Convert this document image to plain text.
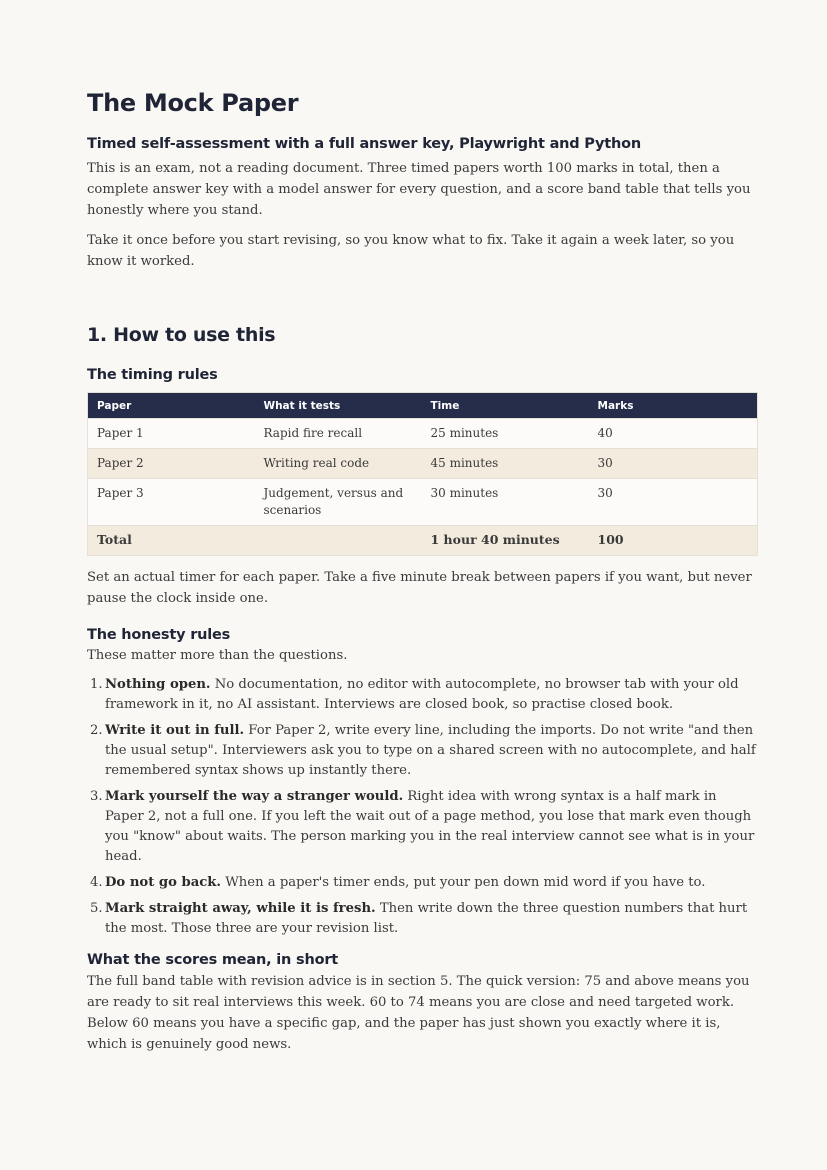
The Mock Paper
Timed self-assessment with a full answer key, Playwright and Python

This is an exam, not a reading document. Three timed papers worth 100 marks in total, then a complete answer key with a model answer for every question, and a score band table that tells you honestly where you stand.

Take it once before you start revising, so you know what to fix. Take it again a week later, so you know it worked.

1. How to use this
The timing rules
Paper	What it tests	Time	Marks
Paper 1	Rapid fire recall	25 minutes	40
Paper 2	Writing real code	45 minutes	30
Paper 3	Judgement, versus and scenarios	30 minutes	30
Total		1 hour 40 minutes	100

Set an actual timer for each paper. Take a five minute break between papers if you want, but never pause the clock inside one.

The honesty rules

These matter more than the questions.

1. Nothing open. No documentation, no editor with autocomplete, no browser tab with your old framework in it, no AI assistant. Interviews are closed book, so practise closed book.
2. Write it out in full. For Paper 2, write every line, including the imports. Do not write "and then the usual setup". Interviewers ask you to type on a shared screen with no autocomplete, and half remembered syntax shows up instantly there.
3. Mark yourself the way a stranger would. Right idea with wrong syntax is a half mark in Paper 2, not a full one. If you left the wait out of a page method, you lose that mark even though you "know" about waits. The person marking you in the real interview cannot see what is in your head.
4. Do not go back. When a paper's timer ends, put your pen down mid word if you have to.
5. Mark straight away, while it is fresh. Then write down the three question numbers that hurt the most. Those three are your revision list.
What the scores mean, in short

The full band table with revision advice is in section 5. The quick version: 75 and above means you are ready to sit real interviews this week. 60 to 74 means you are close and need targeted work. Below 60 means you have a specific gap, and the paper has just shown you exactly where it is, which is genuinely good news.
